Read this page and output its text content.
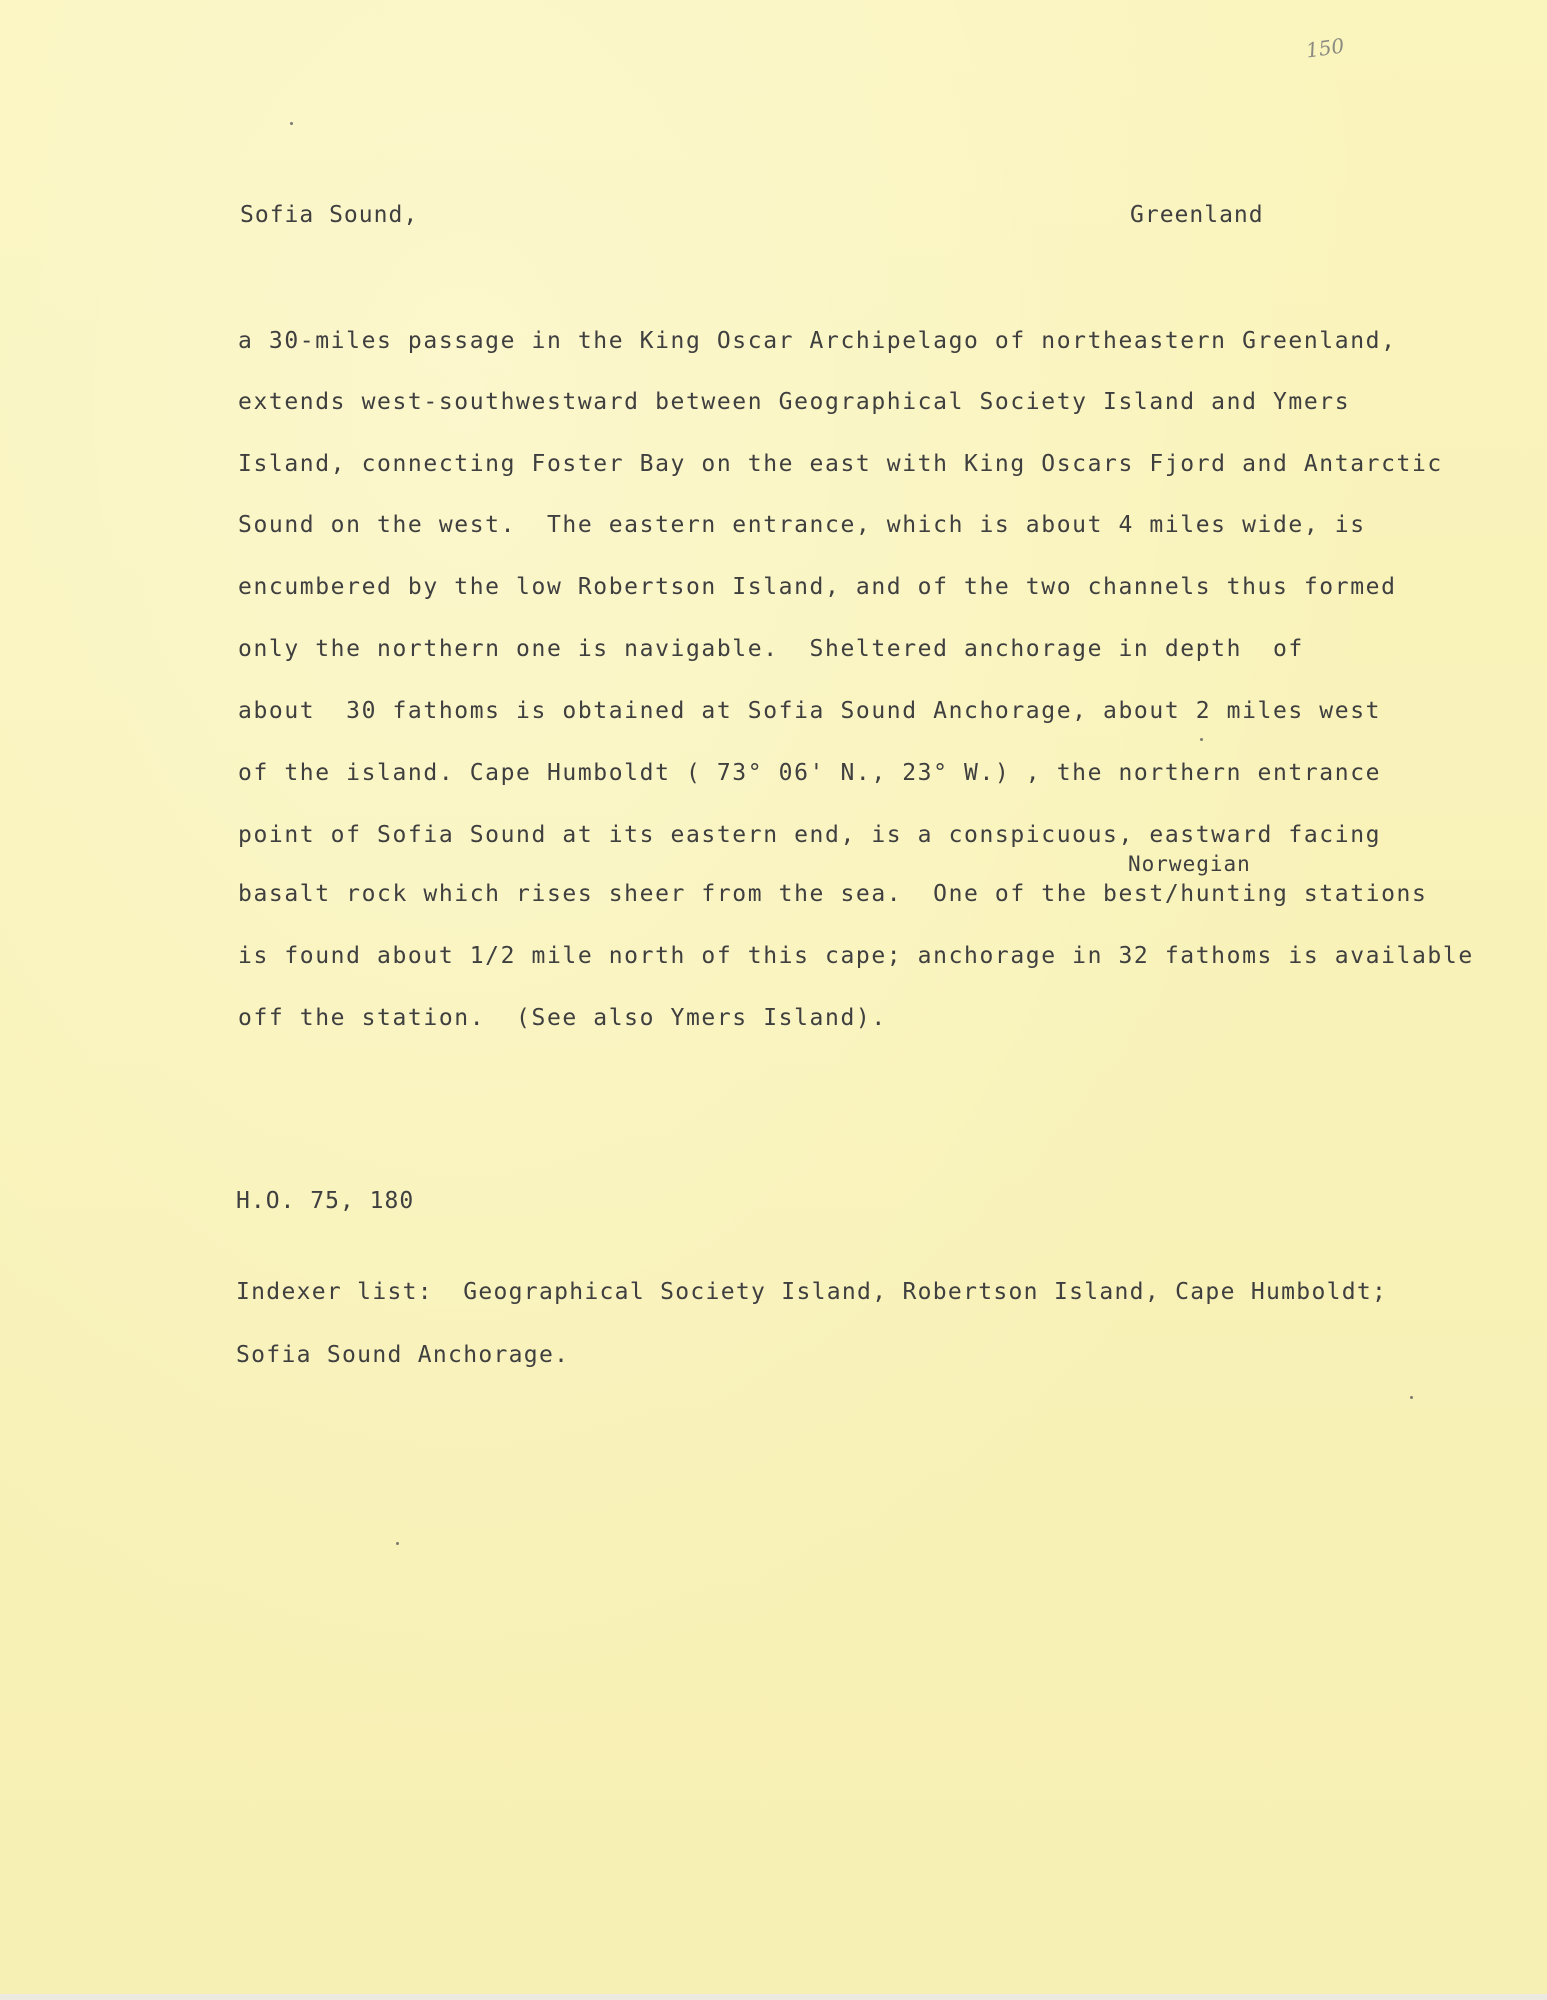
150
Sofia Sound,	Greenland
a 30-miles passage in the King Oscar Archipelago of northeastern Greenland,
extends west-southwestward between Geographical Society Island and Ymers
Island, connecting Foster Bay on the east with King Oscars Fjord and Antarctic
Sound on the west.  The eastern entrance, which is about 4 miles wide, is
encumbered by the low Robertson Island, and of the two channels thus formed
only the northern one is navigable.  Sheltered anchorage in depth  of
about  30 fathoms is obtained at Sofia Sound Anchorage, about 2 miles west
of the island. Cape Humboldt ( 73° 06' N., 23° W.) , the northern entrance
point of Sofia Sound at its eastern end, is a conspicuous, eastward facing
Norwegian
basalt rock which rises sheer from the sea.  One of the best/hunting stations
is found about 1/2 mile north of this cape; anchorage in 32 fathoms is available
off the station.  (See also Ymers Island).
H.O. 75, 180
Indexer list:  Geographical Society Island, Robertson Island, Cape Humboldt;
Sofia Sound Anchorage.
